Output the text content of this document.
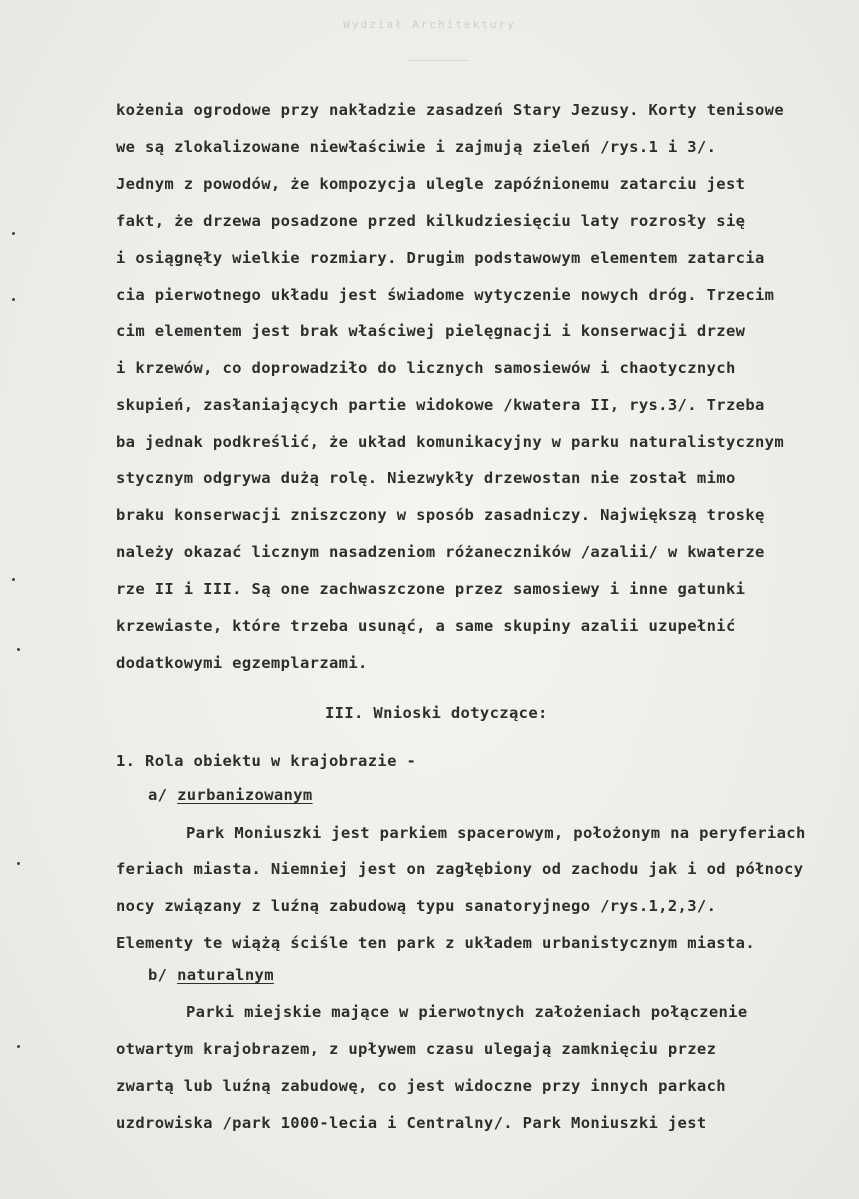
Wydział Architektury
kożenia ogrodowe przy nakładzie zasadzeń Stary Jezusy. Korty tenisowe
we są zlokalizowane niewłaściwie i zajmują zieleń /rys.1 i 3/.
Jednym z powodów, że kompozycja ulegle zapóźnionemu zatarciu jest
fakt, że drzewa posadzone przed kilkudziesięciu laty rozrosły się
i osiągnęły wielkie rozmiary. Drugim podstawowym elementem zatarcia
cia pierwotnego układu jest świadome wytyczenie nowych dróg. Trzecim
cim elementem jest brak właściwej pielęgnacji i konserwacji drzew
i krzewów, co doprowadziło do licznych samosiewów i chaotycznych
skupień, zasłaniających partie widokowe /kwatera II, rys.3/. Trzeba
ba jednak podkreślić, że układ komunikacyjny w parku naturalistycznym
stycznym odgrywa dużą rolę. Niezwykły drzewostan nie został mimo
braku konserwacji zniszczony w sposób zasadniczy. Największą troskę
należy okazać licznym nasadzeniom różaneczników /azalii/ w kwaterze
rze II i III. Są one zachwaszczone przez samosiewy i inne gatunki
krzewiaste, które trzeba usunąć, a same skupiny azalii uzupełnić
dodatkowymi egzemplarzami.
III. Wnioski dotyczące:
1. Rola obiektu w krajobrazie -
a/ zurbanizowanym
Park Moniuszki jest parkiem spacerowym, położonym na peryferiach
feriach miasta. Niemniej jest on zagłębiony od zachodu jak i od północy
nocy związany z luźną zabudową typu sanatoryjnego /rys.1,2,3/.
Elementy te wiążą ściśle ten park z układem urbanistycznym miasta.
b/ naturalnym
Parki miejskie mające w pierwotnych założeniach połączenie
otwartym krajobrazem, z upływem czasu ulegają zamknięciu przez
zwartą lub luźną zabudowę, co jest widoczne przy innych parkach
uzdrowiska /park 1000-lecia i Centralny/. Park Moniuszki jest
